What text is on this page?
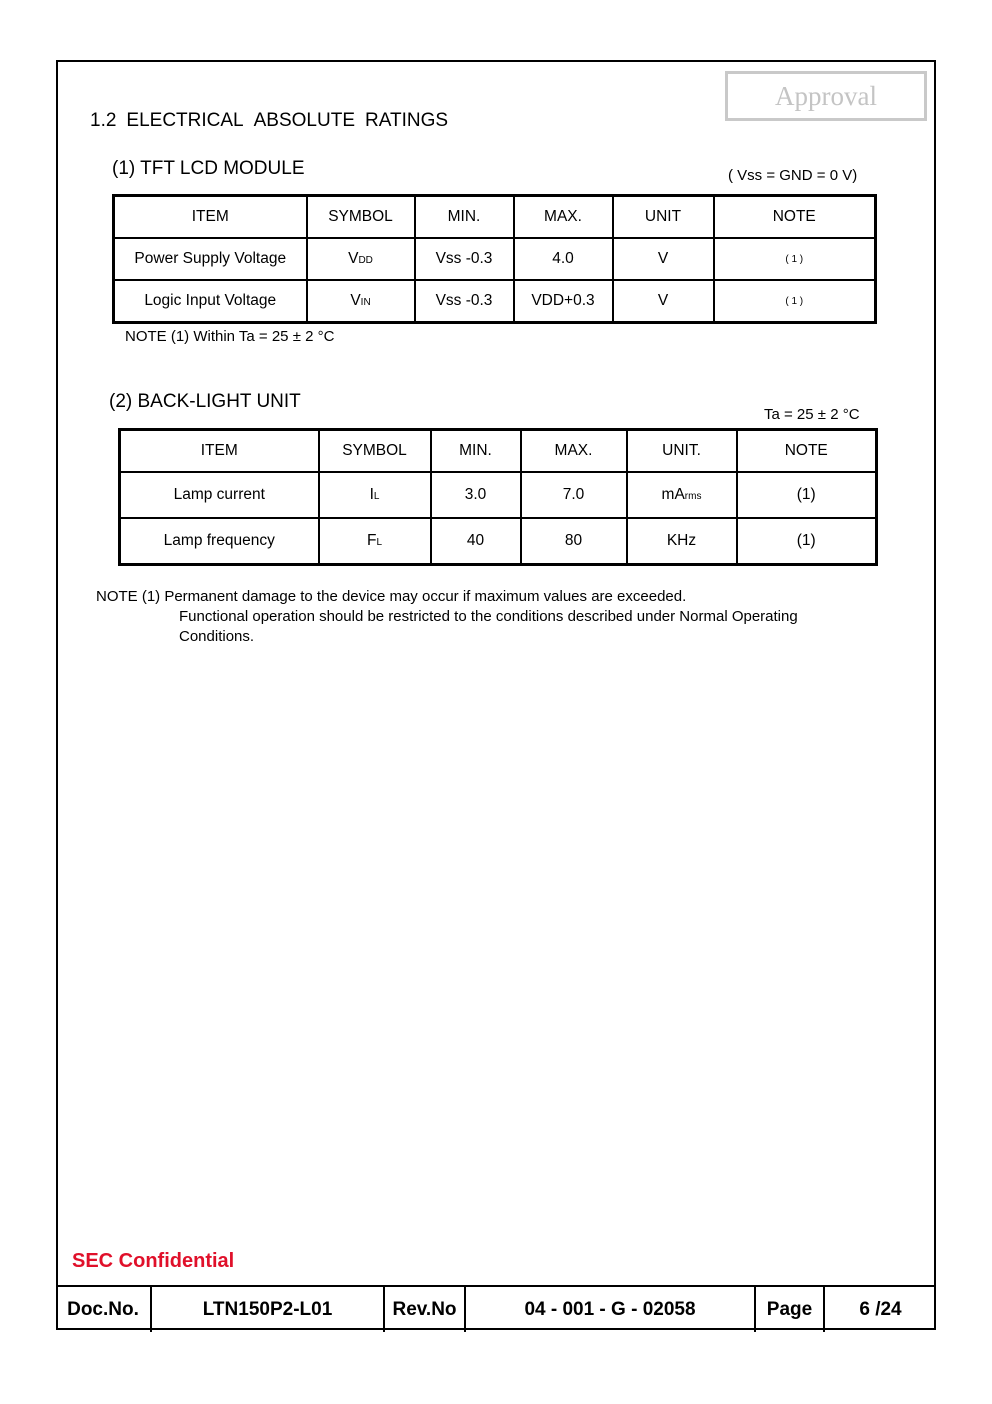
Approval
1.2 ELECTRICAL ABSOLUTE RATINGS
(1) TFT LCD MODULE	( Vss = GND = 0 V)
ITEM	SYMBOL	MIN.	MAX.	UNIT	NOTE
Power Supply Voltage	VDD	Vss -0.3	4.0	V	( 1 )
Logic Input Voltage	VIN	Vss -0.3	VDD+0.3	V	( 1 )
NOTE (1) Within Ta = 25 ± 2 °C
(2) BACK-LIGHT UNIT
Ta = 25 ± 2 °C
ITEM	SYMBOL	MIN.	MAX.	UNIT.	NOTE
Lamp current	IL	3.0	7.0	mArms	(1)
Lamp frequency	FL	40	80	KHz	(1)
NOTE (1) Permanent damage to the device may occur if maximum values are exceeded.
Functional operation should be restricted to the conditions described under Normal Operating
Conditions.
SEC Confidential
Doc.No.	LTN150P2-L01	Rev.No	04 - 001 - G - 02058	Page	6 /24
